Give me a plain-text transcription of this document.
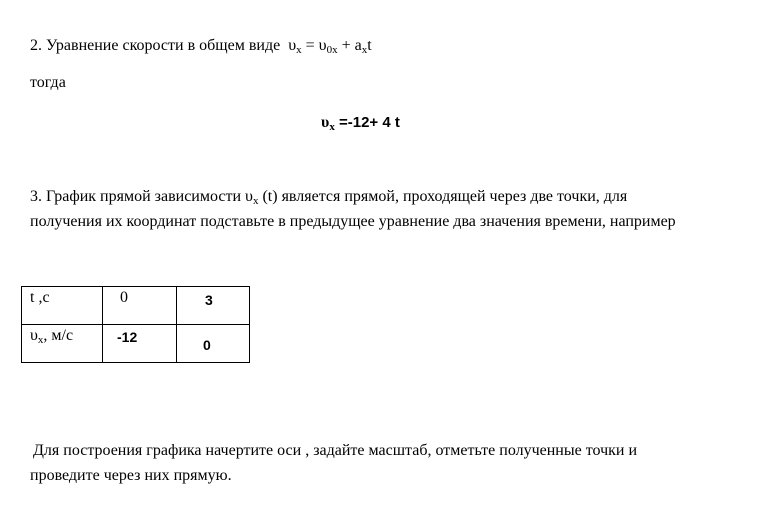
2. Уравнение скорости в общем виде $\upsilon_x = \upsilon_{0x} + a_xt$
тогда
$\upsilon_x =-12+ 4$ t
3. График прямой зависимости $\upsilon_x$ (t) является прямой, проходящей через две точки, для
получения их координат подставьте в предыдущее уравнение два значения времени, например
t ,c	0	3

$\upsilon_x$, м/с	-12	0
Для построения графика начертите оси , задайте масштаб, отметьте полученные точки и
проведите через них прямую.
